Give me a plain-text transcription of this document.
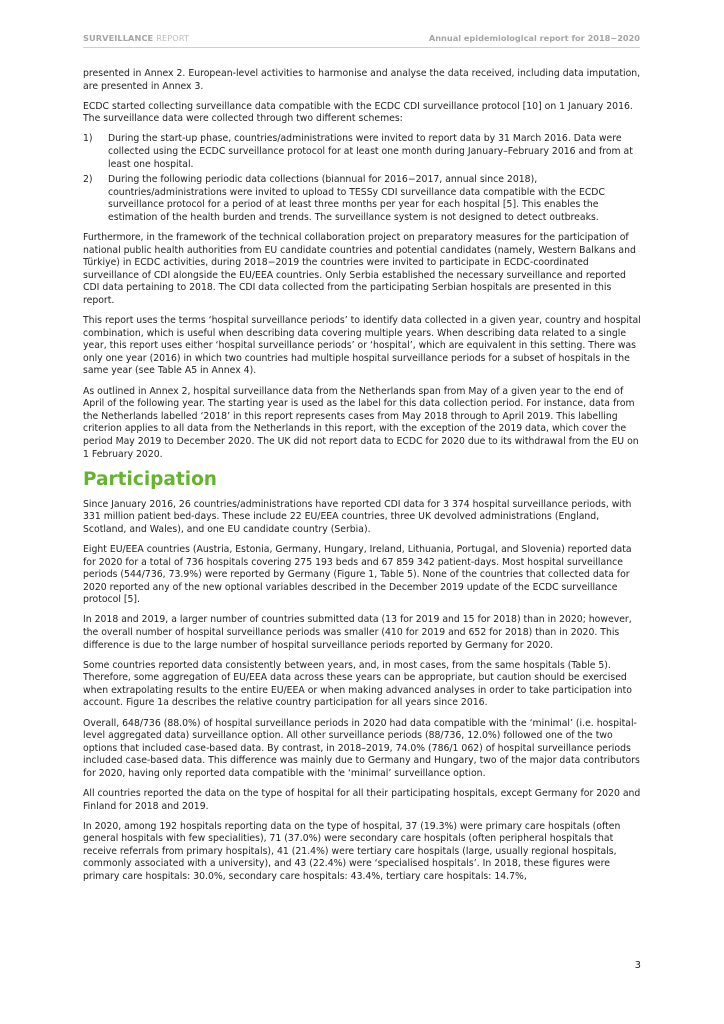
SURVEILLANCE REPORT	Annual epidemiological report for 2018−2020

presented in Annex 2. European-level activities to harmonise and analyse the data received, including data imputation, are presented in Annex 3.

ECDC started collecting surveillance data compatible with the ECDC CDI surveillance protocol [10] on 1 January 2016. The surveillance data were collected through two different schemes:

1)	During the start-up phase, countries/administrations were invited to report data by 31 March 2016. Data were collected using the ECDC surveillance protocol for at least one month during January–February 2016 and from at least one hospital.
2)	During the following periodic data collections (biannual for 2016−2017, annual since 2018), countries/administrations were invited to upload to TESSy CDI surveillance data compatible with the ECDC surveillance protocol for a period of at least three months per year for each hospital [5]. This enables the estimation of the health burden and trends. The surveillance system is not designed to detect outbreaks.

Furthermore, in the framework of the technical collaboration project on preparatory measures for the participation of national public health authorities from EU candidate countries and potential candidates (namely, Western Balkans and Türkiye) in ECDC activities, during 2018−2019 the countries were invited to participate in ECDC-coordinated surveillance of CDI alongside the EU/EEA countries. Only Serbia established the necessary surveillance and reported CDI data pertaining to 2018. The CDI data collected from the participating Serbian hospitals are presented in this report.

This report uses the terms ‘hospital surveillance periods’ to identify data collected in a given year, country and hospital combination, which is useful when describing data covering multiple years. When describing data related to a single year, this report uses either ‘hospital surveillance periods’ or ‘hospital’, which are equivalent in this setting. There was only one year (2016) in which two countries had multiple hospital surveillance periods for a subset of hospitals in the same year (see Table A5 in Annex 4).

As outlined in Annex 2, hospital surveillance data from the Netherlands span from May of a given year to the end of April of the following year. The starting year is used as the label for this data collection period. For instance, data from the Netherlands labelled ‘2018’ in this report represents cases from May 2018 through to April 2019. This labelling criterion applies to all data from the Netherlands in this report, with the exception of the 2019 data, which cover the period May 2019 to December 2020. The UK did not report data to ECDC for 2020 due to its withdrawal from the EU on 1 February 2020.

Participation

Since January 2016, 26 countries/administrations have reported CDI data for 3 374 hospital surveillance periods, with 331 million patient bed-days. These include 22 EU/EEA countries, three UK devolved administrations (England, Scotland, and Wales), and one EU candidate country (Serbia).

Eight EU/EEA countries (Austria, Estonia, Germany, Hungary, Ireland, Lithuania, Portugal, and Slovenia) reported data for 2020 for a total of 736 hospitals covering 275 193 beds and 67 859 342 patient-days. Most hospital surveillance periods (544/736, 73.9%) were reported by Germany (Figure 1, Table 5). None of the countries that collected data for 2020 reported any of the new optional variables described in the December 2019 update of the ECDC surveillance protocol [5].

In 2018 and 2019, a larger number of countries submitted data (13 for 2019 and 15 for 2018) than in 2020; however, the overall number of hospital surveillance periods was smaller (410 for 2019 and 652 for 2018) than in 2020. This difference is due to the large number of hospital surveillance periods reported by Germany for 2020.

Some countries reported data consistently between years, and, in most cases, from the same hospitals (Table 5). Therefore, some aggregation of EU/EEA data across these years can be appropriate, but caution should be exercised when extrapolating results to the entire EU/EEA or when making advanced analyses in order to take participation into account. Figure 1a describes the relative country participation for all years since 2016.

Overall, 648/736 (88.0%) of hospital surveillance periods in 2020 had data compatible with the ‘minimal’ (i.e. hospital-level aggregated data) surveillance option. All other surveillance periods (88/736, 12.0%) followed one of the two options that included case-based data. By contrast, in 2018–2019, 74.0% (786/1 062) of hospital surveillance periods included case-based data. This difference was mainly due to Germany and Hungary, two of the major data contributors for 2020, having only reported data compatible with the ‘minimal’ surveillance option.

All countries reported the data on the type of hospital for all their participating hospitals, except Germany for 2020 and Finland for 2018 and 2019.

In 2020, among 192 hospitals reporting data on the type of hospital, 37 (19.3%) were primary care hospitals (often general hospitals with few specialities), 71 (37.0%) were secondary care hospitals (often peripheral hospitals that receive referrals from primary hospitals), 41 (21.4%) were tertiary care hospitals (large, usually regional hospitals, commonly associated with a university), and 43 (22.4%) were ‘specialised hospitals’. In 2018, these figures were primary care hospitals: 30.0%, secondary care hospitals: 43.4%, tertiary care hospitals: 14.7%,

3
